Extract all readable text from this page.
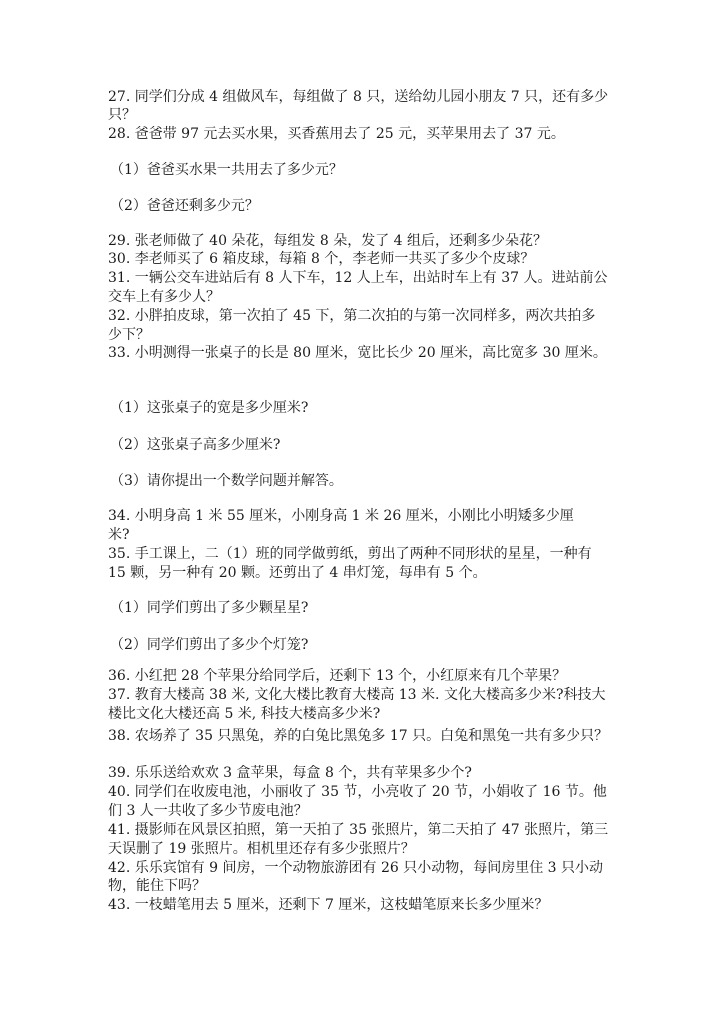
27. 同学们分成 4 组做风车，每组做了 8 只，送给幼儿园小朋友 7 只，还有多少
只？
28. 爸爸带 97 元去买水果，买香蕉用去了 25 元，买苹果用去了 37 元。
（1）爸爸买水果一共用去了多少元？
（2）爸爸还剩多少元？
29. 张老师做了 40 朵花，每组发 8 朵，发了 4 组后，还剩多少朵花？
30. 李老师买了 6 箱皮球，每箱 8 个，李老师一共买了多少个皮球？
31. 一辆公交车进站后有 8 人下车，12 人上车，出站时车上有 37 人。进站前公
交车上有多少人？
32. 小胖拍皮球，第一次拍了 45 下，第二次拍的与第一次同样多，两次共拍多
少下？
33. 小明测得一张桌子的长是 80 厘米，宽比长少 20 厘米，高比宽多 30 厘米。
（1）这张桌子的宽是多少厘米?
（2）这张桌子高多少厘米?
（3）请你提出一个数学问题并解答。
34. 小明身高 1 米 55 厘米，小刚身高 1 米 26 厘米，小刚比小明矮多少厘
米?
35. 手工课上，二（1）班的同学做剪纸，剪出了两种不同形状的星星，一种有
15 颗，另一种有 20 颗。还剪出了 4 串灯笼，每串有 5 个。
（1）同学们剪出了多少颗星星?
（2）同学们剪出了多少个灯笼?
36. 小红把 28 个苹果分给同学后，还剩下 13 个，小红原来有几个苹果？
37. 教育大楼高 38 米, 文化大楼比教育大楼高 13 米. 文化大楼高多少米?科技大
楼比文化大楼还高 5 米, 科技大楼高多少米?
38. 农场养了 35 只黑兔，养的白兔比黑兔多 17 只。白兔和黑兔一共有多少只？
39. 乐乐送给欢欢 3 盒苹果，每盒 8 个，共有苹果多少个?
40. 同学们在收废电池，小丽收了 35 节，小亮收了 20 节，小娟收了 16 节。他
们 3 人一共收了多少节废电池？
41. 摄影师在风景区拍照，第一天拍了 35 张照片，第二天拍了 47 张照片，第三
天误删了 19 张照片。相机里还存有多少张照片？
42. 乐乐宾馆有 9 间房，一个动物旅游团有 26 只小动物，每间房里住 3 只小动
物，能住下吗？
43. 一枝蜡笔用去 5 厘米，还剩下 7 厘米，这枝蜡笔原来长多少厘米？
